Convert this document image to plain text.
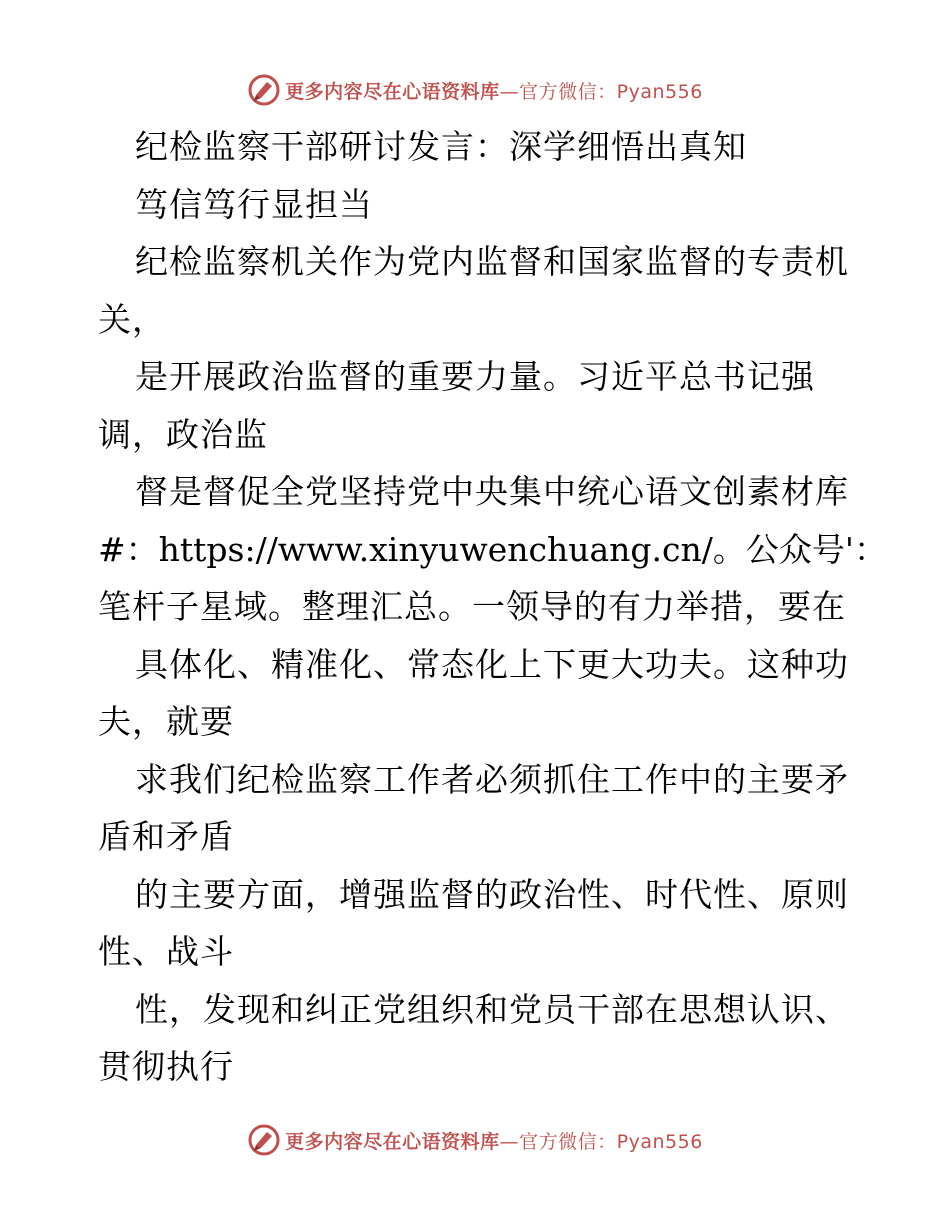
更多内容尽在心语资料库—官方微信：Pyan556
纪检监察干部研讨发言：深学细悟出真知
笃信笃行显担当
纪检监察机关作为党内监督和国家监督的专责机
关，
是开展政治监督的重要力量。习近平总书记强
调，政治监
督是督促全党坚持党中央集中统心语文创素材库
#：https://www.xinyuwenchuang.cn/。公众号'：
笔杆子星域。整理汇总。一领导的有力举措，要在
具体化、精准化、常态化上下更大功夫。这种功
夫，就要
求我们纪检监察工作者必须抓住工作中的主要矛
盾和矛盾
的主要方面，增强监督的政治性、时代性、原则
性、战斗
性，发现和纠正党组织和党员干部在思想认识、
贯彻执行
更多内容尽在心语资料库—官方微信：Pyan556
